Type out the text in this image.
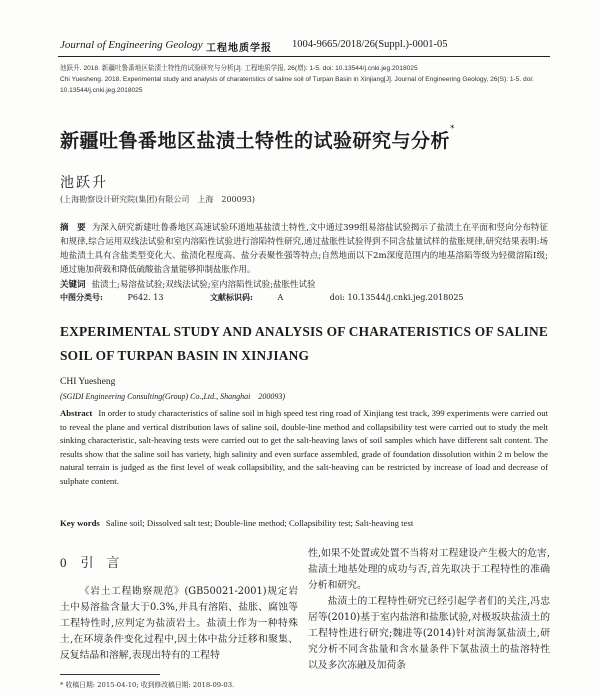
Journal of Engineering Geology 工程地质学报 1004-9665/2018/26(Suppl.)-0001-05

池跃升. 2018. 新疆吐鲁番地区盐渍土特性的试验研究与分析[J]. 工程地质学报, 26(增): 1-5. doi: 10.13544/j.cnki.jeg.2018025

Chi Yuesheng. 2018. Experimental study and analysis of charateristics of saline soil of Turpan Basin in Xinjiang[J]. Journal of Engineering Geology, 26(S): 1-5. doi: 10.13544/j.cnki.jeg.2018025

新疆吐鲁番地区盐渍土特性的试验研究与分析*
池跃升
(上海勘察设计研究院(集团)有限公司　上海　200093)
摘　要 为深入研究新建吐鲁番地区高速试验环道地基盐渍土特性,文中通过399组易溶盐试验揭示了盐渍土在平面和竖向分布特征和规律,综合运用双线法试验和室内溶陷性试验进行溶陷特性研究,通过盐胀性试验得到不同含盐量试样的盐胀规律,研究结果表明:场地盐渍土具有含盐类型变化大、盐渍化程度高、盐分表聚性强等特点;自然地面以下2m深度范围内的地基溶陷等级为轻微溶陷I级;通过施加荷载和降低硫酸盐含量能够抑制盐胀作用。
关键词 盐渍土;易溶盐试验;双线法试验;室内溶陷性试验;盐胀性试验
中图分类号:	P642. 13	文献标识码:	A	doi: 10.13544/j.cnki.jeg.2018025
EXPERIMENTAL STUDY AND ANALYSIS OF CHARATERISTICS OF SALINE SOIL OF TURPAN BASIN IN XINJIANG
CHI Yuesheng
(SGIDI Engineering Consulting(Group) Co.,Ltd., Shanghai　200093)
Abstract In order to study characteristics of saline soil in high speed test ring road of Xinjiang test track, 399 experiments were carried out to reveal the plane and vertical distribution laws of saline soil, double-line method and collapsibility test were carried out to study the melt sinking characteristic, salt-heaving tests were carried out to get the salt-heaving laws of soil samples which have different salt content. The results show that the saline soil has variety, high salinity and even surface assembled, grade of foundation dissolution within 2 m below the natural terrain is judged as the first level of weak collapsibility, and the salt-heaving can be restricted by increase of load and decrease of sulphate content.
Key words Saline soil; Dissolved salt test; Double-line method; Collapsibility test; Salt-heaving test
0 引　言

《岩土工程勘察规范》(GB50021-2001)规定岩土中易溶盐含量大于0.3%,并具有溶陷、盐胀、腐蚀等工程特性时,应判定为盐渍岩土。盐渍土作为一种特殊土,在环境条件变化过程中,因土体中盐分迁移和聚集、反复结晶和溶解,表现出特有的工程特

性,如果不处置或处置不当将对工程建设产生极大的危害,盐渍土地基处理的成功与否,首先取决于工程特性的准确分析和研究。

盐渍土的工程特性研究已经引起学者们的关注,冯忠居等(2010)基于室内盐溶和盐胀试验,对极坂块盐渍土的工程特性进行研究;魏进等(2014)针对滨海氯盐渍土,研究分析不同含盐量和含水量条件下氯盐渍土的盐溶特性以及多次冻融及加荷条

* 收稿日期: 2015-04-10; 收到修改稿日期: 2018-09-03.
